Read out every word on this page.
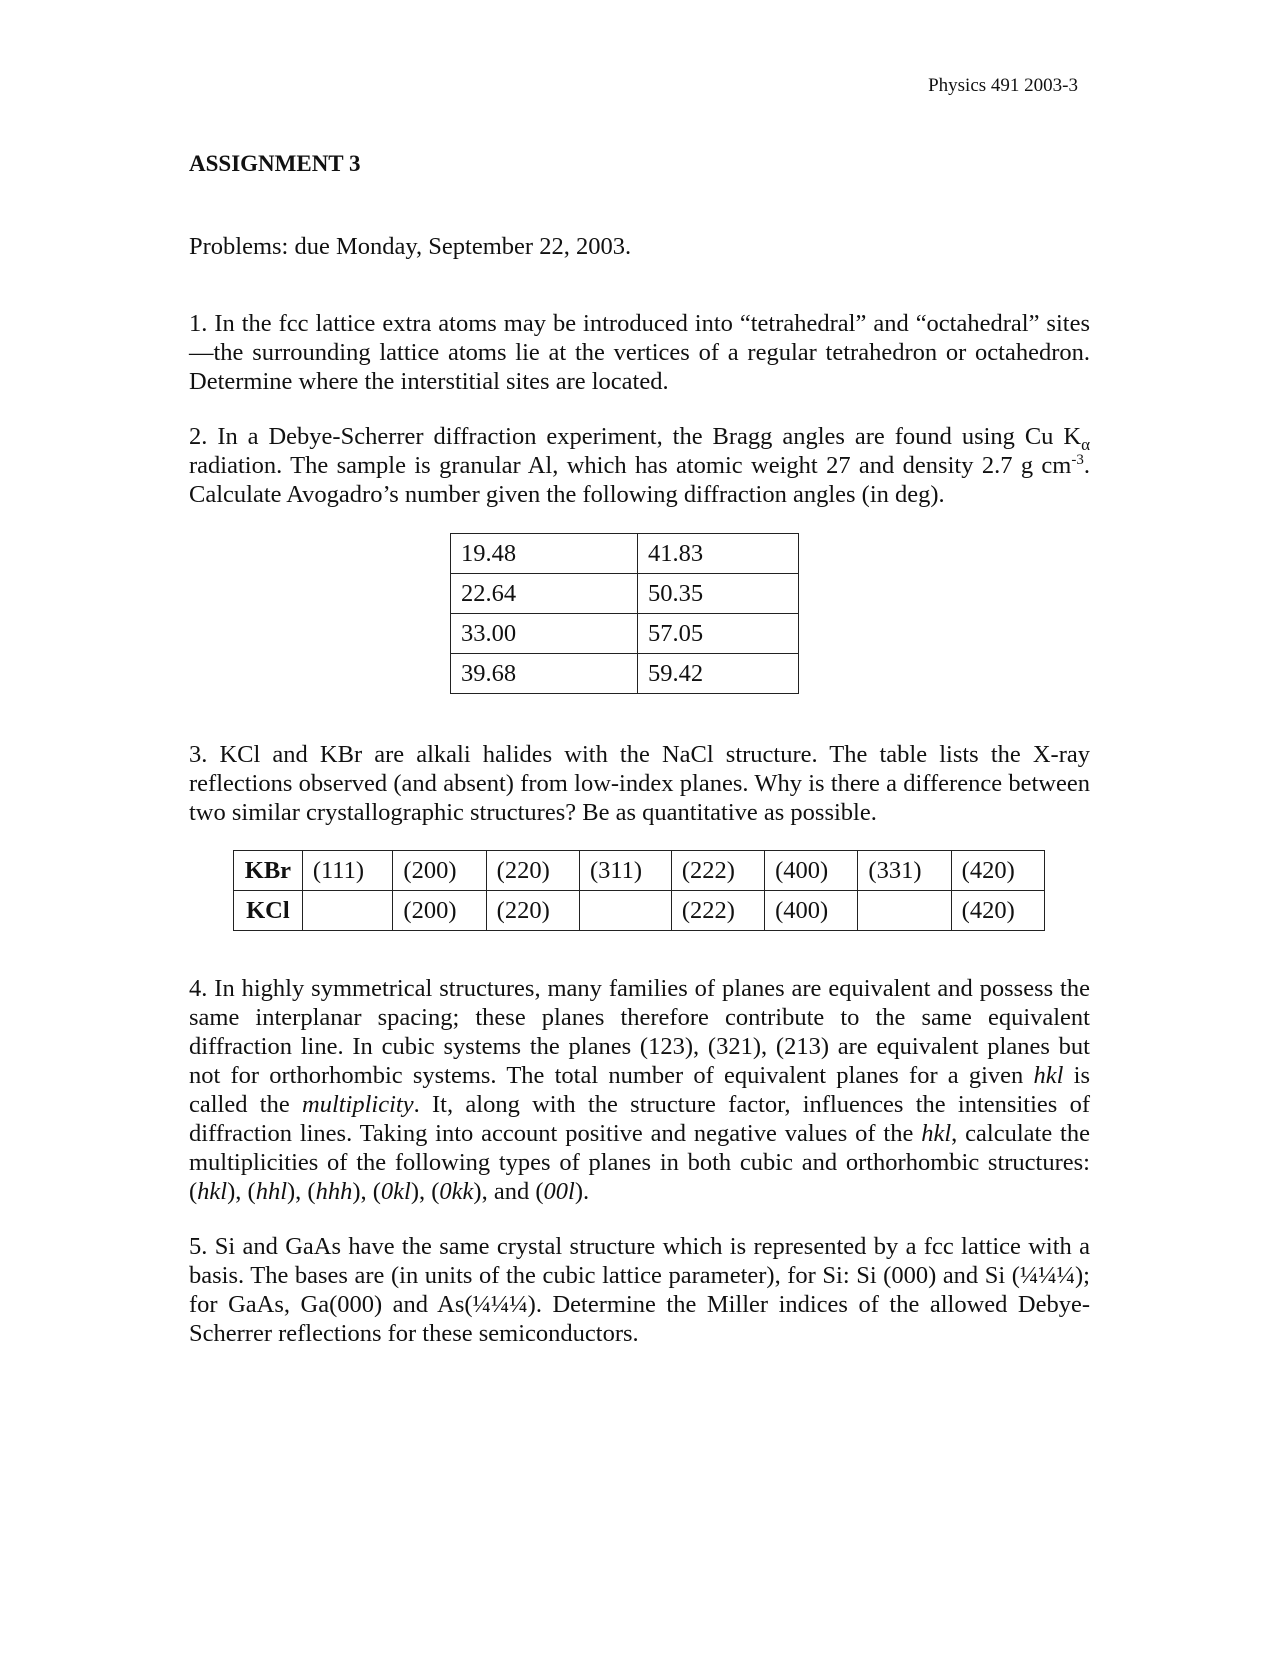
Physics 491 2003-3
ASSIGNMENT 3
Problems: due Monday, September 22, 2003.

1. In the fcc lattice extra atoms may be introduced into “tetrahedral” and “octahedral” sites—the surrounding lattice atoms lie at the vertices of a regular tetrahedron or octahedron. Determine where the interstitial sites are located.

2. In a Debye-Scherrer diffraction experiment, the Bragg angles are found using Cu $K_\alpha$ radiation. The sample is granular Al, which has atomic weight 27 and density 2.7 g $cm^{-3}$. Calculate Avogadro’s number given the following diffraction angles (in deg).

19.48	41.83
22.64	50.35
33.00	57.05
39.68	59.42

3. KCl and KBr are alkali halides with the NaCl structure. The table lists the X-ray reflections observed (and absent) from low-index planes. Why is there a difference between two similar crystallographic structures? Be as quantitative as possible.

KBr	(111)	(200)	(220)	(311)	(222)	(400)	(331)	(420)
KCl		(200)	(220)		(222)	(400)		(420)

4. In highly symmetrical structures, many families of planes are equivalent and possess the same interplanar spacing; these planes therefore contribute to the same equivalent diffraction line. In cubic systems the planes (123), (321), (213) are equivalent planes but not for orthorhombic systems. The total number of equivalent planes for a given hkl is called the multiplicity. It, along with the structure factor, influences the intensities of diffraction lines. Taking into account positive and negative values of the hkl, calculate the multiplicities of the following types of planes in both cubic and orthorhombic structures: (hkl), (hhl), (hhh), (0kl), (0kk), and (00l).

5. Si and GaAs have the same crystal structure which is represented by a fcc lattice with a basis. The bases are (in units of the cubic lattice parameter), for Si: Si (000) and Si (¼¼¼); for GaAs, Ga(000) and As(¼¼¼). Determine the Miller indices of the allowed Debye-Scherrer reflections for these semiconductors.
